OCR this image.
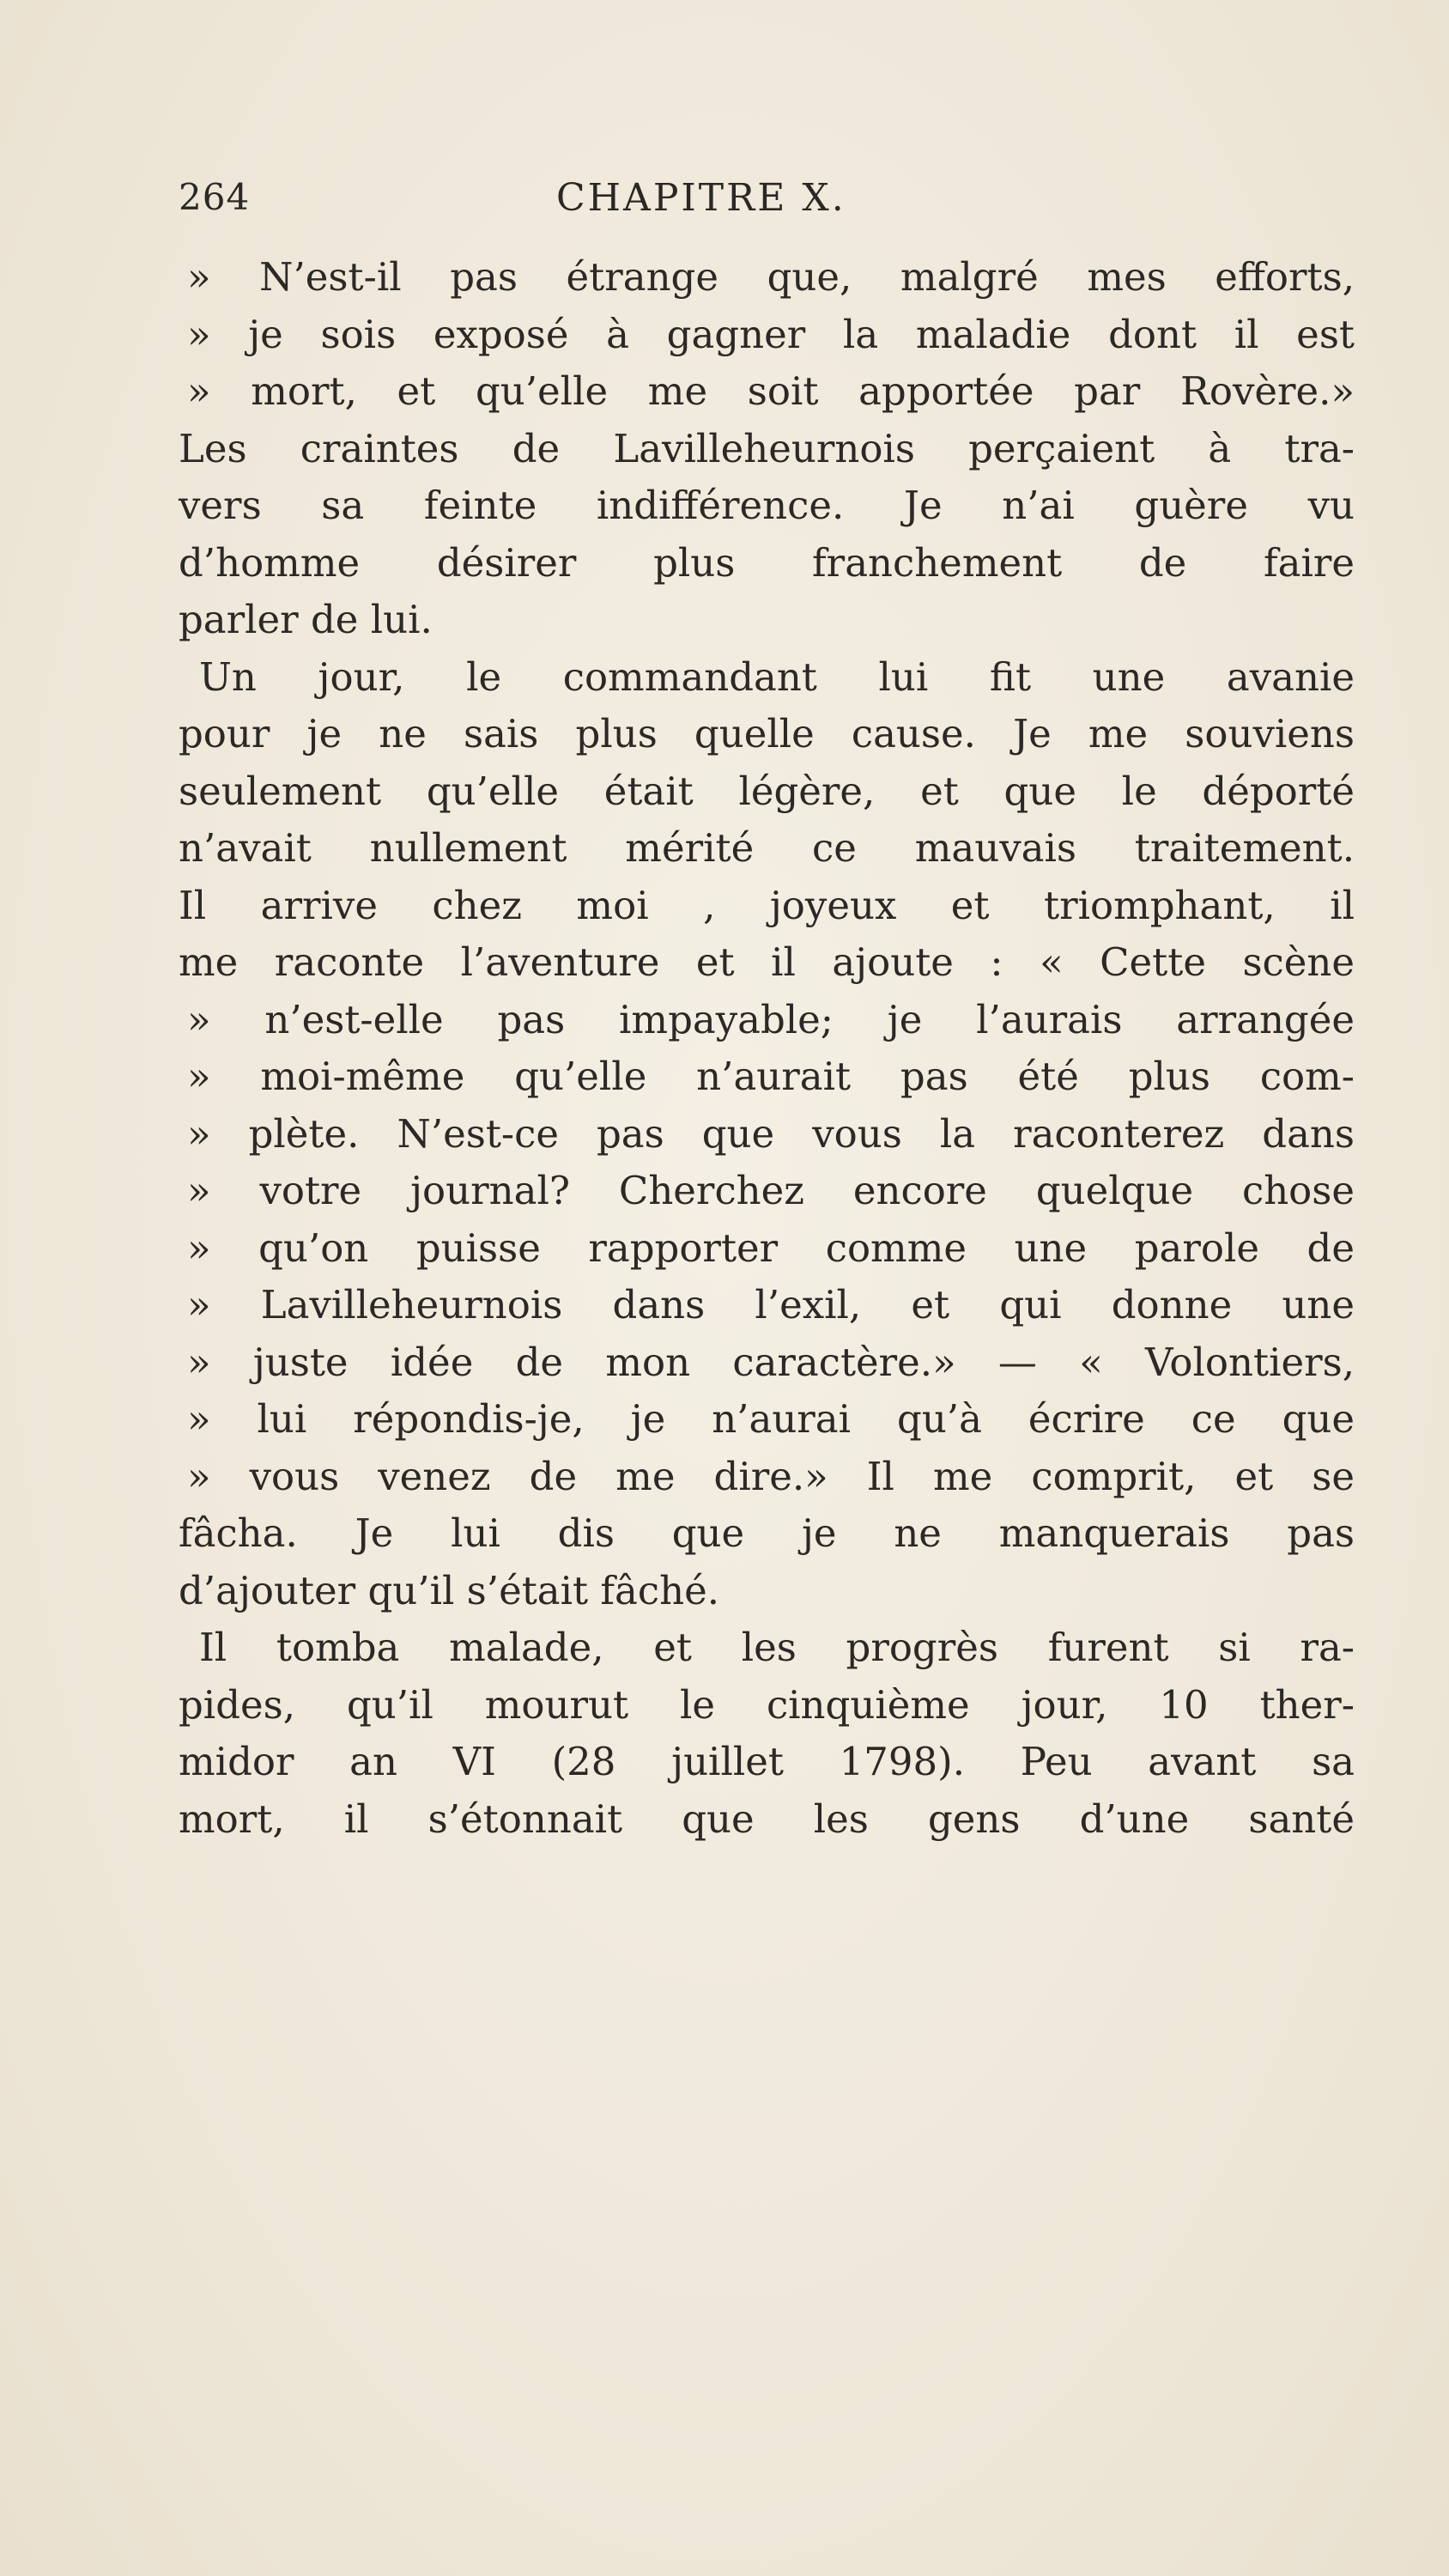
264	CHAPITRE X.
» N’est-il pas étrange que, malgré mes efforts,
» je sois exposé à gagner la maladie dont il est
» mort, et qu’elle me soit apportée par Rovère.»
Les craintes de Lavilleheurnois perçaient à tra-
vers sa feinte indifférence. Je n’ai guère vu
d’homme désirer plus franchement de faire
parler de lui.
Un jour, le commandant lui fit une avanie
pour je ne sais plus quelle cause. Je me souviens
seulement qu’elle était légère, et que le déporté
n’avait nullement mérité ce mauvais traitement.
Il arrive chez moi , joyeux et triomphant, il
me raconte l’aventure et il ajoute : « Cette scène
» n’est-elle pas impayable; je l’aurais arrangée
» moi-même qu’elle n’aurait pas été plus com-
» plète. N’est-ce pas que vous la raconterez dans
» votre journal? Cherchez encore quelque chose
» qu’on puisse rapporter comme une parole de
» Lavilleheurnois dans l’exil, et qui donne une
» juste idée de mon caractère.» — « Volontiers,
» lui répondis-je, je n’aurai qu’à écrire ce que
» vous venez de me dire.» Il me comprit, et se
fâcha. Je lui dis que je ne manquerais pas
d’ajouter qu’il s’était fâché.
Il tomba malade, et les progrès furent si ra-
pides, qu’il mourut le cinquième jour, 10 ther-
midor an VI (28 juillet 1798). Peu avant sa
mort, il s’étonnait que les gens d’une santé
